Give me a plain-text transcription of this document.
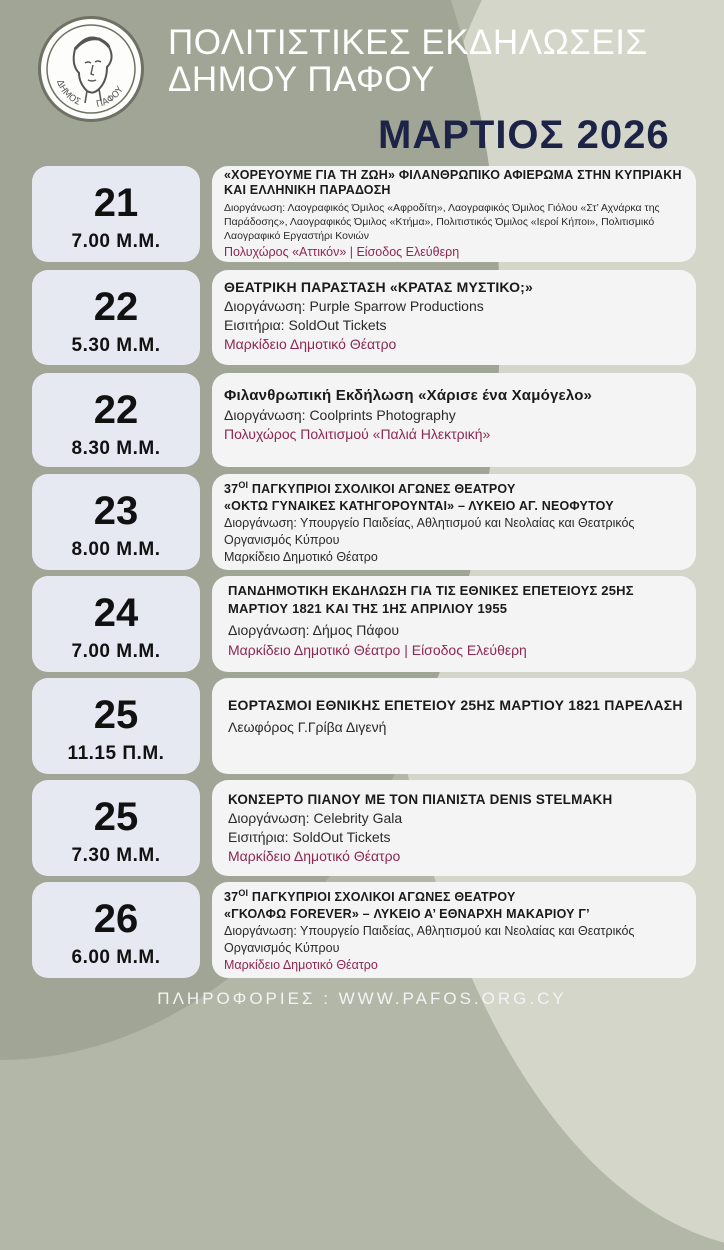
ΔΗΜΟΣ ΠΑΦΟΥ
ΠΟΛΙΤΙΣΤΙΚΕΣ ΕΚΔΗΛΩΣΕΙΣ
ΔΗΜΟΥ ΠΑΦΟΥ
ΜΑΡΤΙΟΣ 2026
21
7.00 Μ.Μ.
«ΧΟΡΕΥΟΥΜΕ ΓΙΑ ΤΗ ΖΩΗ» ΦΙΛΑΝΘΡΩΠΙΚΟ ΑΦΙΕΡΩΜΑ ΣΤΗΝ ΚΥΠΡΙΑΚΗ ΚΑΙ ΕΛΛΗΝΙΚΗ ΠΑΡΑΔΟΣΗ
Διοργάνωση: Λαογραφικός Όμιλος «Αφροδίτη», Λαογραφικός Όμιλος Γιόλου «Στ’ Αχνάρκα της Παράδοσης», Λαογραφικός Όμιλος «Κτήμα», Πολιτιστικός Όμιλος «Ιεροί Κήποι», Πολιτισμικό Λαογραφικό Εργαστήρι Κονιών
Πολυχώρος «Αττικόν» | Είσοδος Ελεύθερη
22
5.30 Μ.Μ.
ΘΕΑΤΡΙΚΗ ΠΑΡΑΣΤΑΣΗ «ΚΡΑΤΑΣ ΜΥΣΤΙΚΟ;»
Διοργάνωση: Purple Sparrow Productions
Εισιτήρια: SoldOut Tickets
Μαρκίδειο Δημοτικό Θέατρο
22
8.30 Μ.Μ.
Φιλανθρωπική Εκδήλωση «Χάρισε ένα Χαμόγελο»
Διοργάνωση: Coolprints Photography
Πολυχώρος Πολιτισμού «Παλιά Ηλεκτρική»
23
8.00 Μ.Μ.
$37^{OI}$ ΠΑΓΚΥΠΡΙΟΙ ΣΧΟΛΙΚΟΙ ΑΓΩΝΕΣ ΘΕΑΤΡΟΥ
«ΟΚΤΩ ΓΥΝΑΙΚΕΣ ΚΑΤΗΓΟΡΟΥΝΤΑΙ» – ΛΥΚΕΙΟ ΑΓ. ΝΕΟΦΥΤΟΥ
Διοργάνωση: Υπουργείο Παιδείας, Αθλητισμού και Νεολαίας και Θεατρικός Οργανισμός Κύπρου
Μαρκίδειο Δημοτικό Θέατρο
24
7.00 Μ.Μ.
ΠΑΝΔΗΜΟΤΙΚΗ ΕΚΔΗΛΩΣΗ ΓΙΑ ΤΙΣ ΕΘΝΙΚΕΣ ΕΠΕΤΕΙΟΥΣ 25ΗΣ ΜΑΡΤΙΟΥ 1821 ΚΑΙ ΤΗΣ 1ΗΣ ΑΠΡΙΛΙΟΥ 1955
Διοργάνωση: Δήμος Πάφου
Μαρκίδειο Δημοτικό Θέατρο | Είσοδος Ελεύθερη
25
11.15 Π.Μ.
ΕΟΡΤΑΣΜΟΙ ΕΘΝΙΚΗΣ ΕΠΕΤΕΙΟΥ 25ΗΣ ΜΑΡΤΙΟΥ 1821 ΠΑΡΕΛΑΣΗ
Λεωφόρος Γ.Γρίβα Διγενή
25
7.30 Μ.Μ.
ΚΟΝΣΕΡΤΟ ΠΙΑΝΟΥ ΜΕ ΤΟΝ ΠΙΑΝΙΣΤΑ DENIS STELMAKH
Διοργάνωση: Celebrity Gala
Εισιτήρια: SoldOut Tickets
Μαρκίδειο Δημοτικό Θέατρο
26
6.00 Μ.Μ.
$37^{OI}$ ΠΑΓΚΥΠΡΙΟΙ ΣΧΟΛΙΚΟΙ ΑΓΩΝΕΣ ΘΕΑΤΡΟΥ
«ΓΚΟΛΦΩ FOREVER» – ΛΥΚΕΙΟ Α’ ΕΘΝΑΡΧΗ ΜΑΚΑΡΙΟΥ Γ’
Διοργάνωση: Υπουργείο Παιδείας, Αθλητισμού και Νεολαίας και Θεατρικός Οργανισμός Κύπρου
Μαρκίδειο Δημοτικό Θέατρο
ΠΛΗΡΟΦΟΡΙΕΣ : WWW.PAFOS.ORG.CY
